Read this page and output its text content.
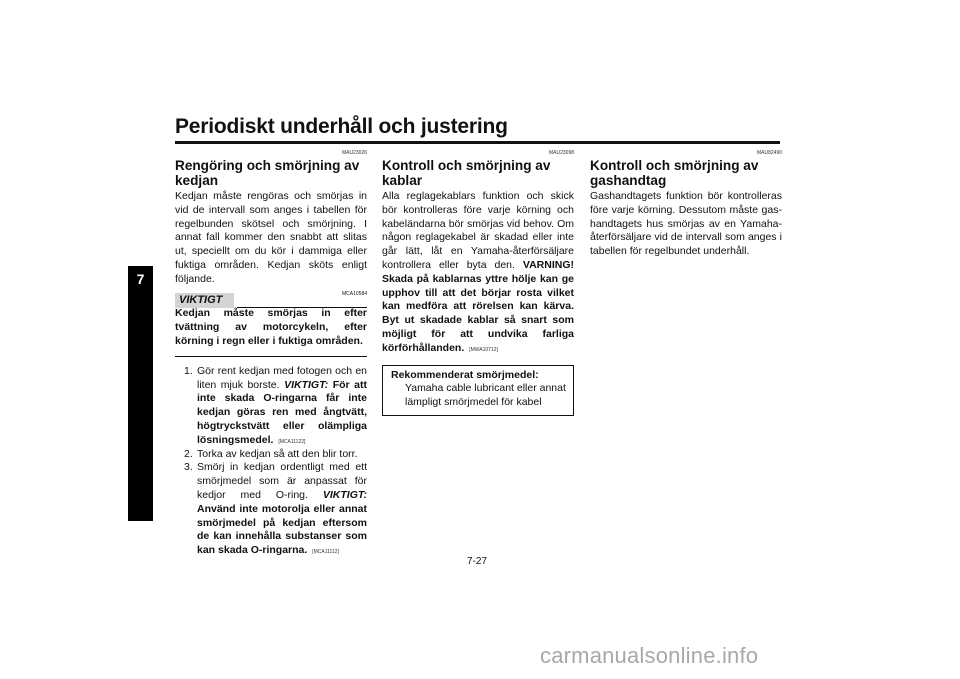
Periodiskt underhåll och justering
7
MAU23026
Rengöring och smörjning av kedjan

Kedjan måste rengöras och smörjas in vid de intervall som anges i tabellen för regelbunden skötsel och smörjning. I annat fall kommer den snabbt att slitas ut, speciellt om du kör i dammiga eller fuktiga områden. Kedjan sköts enligt följande.

VIKTIGT	MCA10584
Kedjan måste smörjas in efter tvättning av motorcykeln, efter körning i regn eller i fuktiga områden.
1. Gör rent kedjan med fotogen och en liten mjuk borste. VIKTIGT: För att inte skada O-ringarna får inte kedjan göras ren med ångtvätt, högtryckstvätt eller olämpliga lösningsmedel. [MCA11122]
2. Torka av kedjan så att den blir torr.
3. Smörj in kedjan ordentligt med ett smörjmedel som är anpassat för kedjor med O-ring. VIKTIGT: Använd inte motorolja eller annat smörjmedel på kedjan eftersom de kan innehålla substanser som kan skada O-ringarna. [MCA11112]
MAU23098
Kontroll och smörjning av kablar

Alla reglagekablars funktion och skick bör kontrolleras före varje körning och kabeländarna bör smörjas vid behov. Om någon reglagekabel är skadad eller inte går lätt, låt en Yamaha-återförsäljare kontrollera eller byta den. VARNING! Skada på kablarnas yttre hölje kan ge upphov till att det börjar rosta vilket kan medföra att rörelsen kan kärva. Byt ut skadade kablar så snart som möjligt för att undvika farliga körförhållanden. [MWA10712]

Rekommenderat smörjmedel:
Yamaha cable lubricant eller annat lämpligt smörjmedel för kabel
MAU82490
Kontroll och smörjning av gashandtag

Gashandtagets funktion bör kontrolleras före varje körning. Dessutom måste gashandtagets hus smörjas av en Yamaha-återförsäljare vid de intervall som anges i tabellen för regelbundet underhåll.

7-27
carmanualsonline.info
